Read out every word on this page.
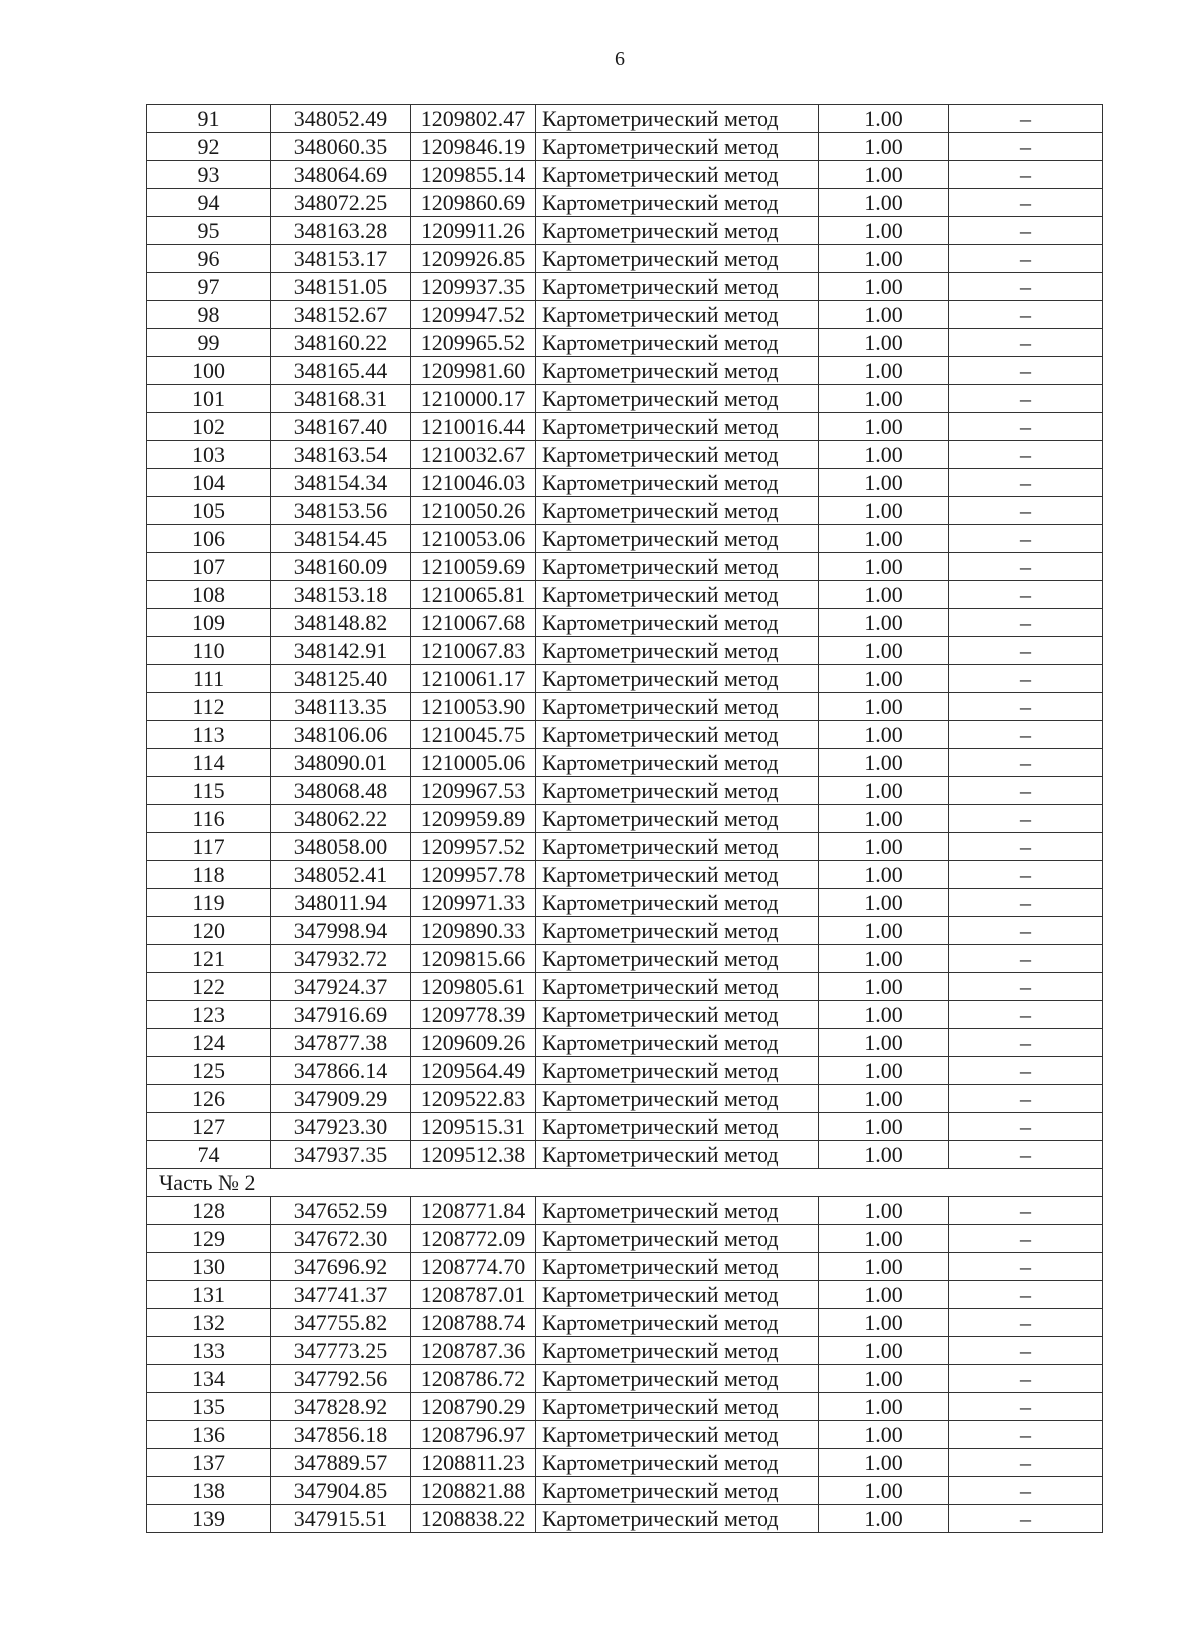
6
91	348052.49	1209802.47	Картометрический метод	1.00	–
92	348060.35	1209846.19	Картометрический метод	1.00	–
93	348064.69	1209855.14	Картометрический метод	1.00	–
94	348072.25	1209860.69	Картометрический метод	1.00	–
95	348163.28	1209911.26	Картометрический метод	1.00	–
96	348153.17	1209926.85	Картометрический метод	1.00	–
97	348151.05	1209937.35	Картометрический метод	1.00	–
98	348152.67	1209947.52	Картометрический метод	1.00	–
99	348160.22	1209965.52	Картометрический метод	1.00	–
100	348165.44	1209981.60	Картометрический метод	1.00	–
101	348168.31	1210000.17	Картометрический метод	1.00	–
102	348167.40	1210016.44	Картометрический метод	1.00	–
103	348163.54	1210032.67	Картометрический метод	1.00	–
104	348154.34	1210046.03	Картометрический метод	1.00	–
105	348153.56	1210050.26	Картометрический метод	1.00	–
106	348154.45	1210053.06	Картометрический метод	1.00	–
107	348160.09	1210059.69	Картометрический метод	1.00	–
108	348153.18	1210065.81	Картометрический метод	1.00	–
109	348148.82	1210067.68	Картометрический метод	1.00	–
110	348142.91	1210067.83	Картометрический метод	1.00	–
111	348125.40	1210061.17	Картометрический метод	1.00	–
112	348113.35	1210053.90	Картометрический метод	1.00	–
113	348106.06	1210045.75	Картометрический метод	1.00	–
114	348090.01	1210005.06	Картометрический метод	1.00	–
115	348068.48	1209967.53	Картометрический метод	1.00	–
116	348062.22	1209959.89	Картометрический метод	1.00	–
117	348058.00	1209957.52	Картометрический метод	1.00	–
118	348052.41	1209957.78	Картометрический метод	1.00	–
119	348011.94	1209971.33	Картометрический метод	1.00	–
120	347998.94	1209890.33	Картометрический метод	1.00	–
121	347932.72	1209815.66	Картометрический метод	1.00	–
122	347924.37	1209805.61	Картометрический метод	1.00	–
123	347916.69	1209778.39	Картометрический метод	1.00	–
124	347877.38	1209609.26	Картометрический метод	1.00	–
125	347866.14	1209564.49	Картометрический метод	1.00	–
126	347909.29	1209522.83	Картометрический метод	1.00	–
127	347923.30	1209515.31	Картометрический метод	1.00	–
74	347937.35	1209512.38	Картометрический метод	1.00	–
Часть № 2					
128	347652.59	1208771.84	Картометрический метод	1.00	–
129	347672.30	1208772.09	Картометрический метод	1.00	–
130	347696.92	1208774.70	Картометрический метод	1.00	–
131	347741.37	1208787.01	Картометрический метод	1.00	–
132	347755.82	1208788.74	Картометрический метод	1.00	–
133	347773.25	1208787.36	Картометрический метод	1.00	–
134	347792.56	1208786.72	Картометрический метод	1.00	–
135	347828.92	1208790.29	Картометрический метод	1.00	–
136	347856.18	1208796.97	Картометрический метод	1.00	–
137	347889.57	1208811.23	Картометрический метод	1.00	–
138	347904.85	1208821.88	Картометрический метод	1.00	–
139	347915.51	1208838.22	Картометрический метод	1.00	–
